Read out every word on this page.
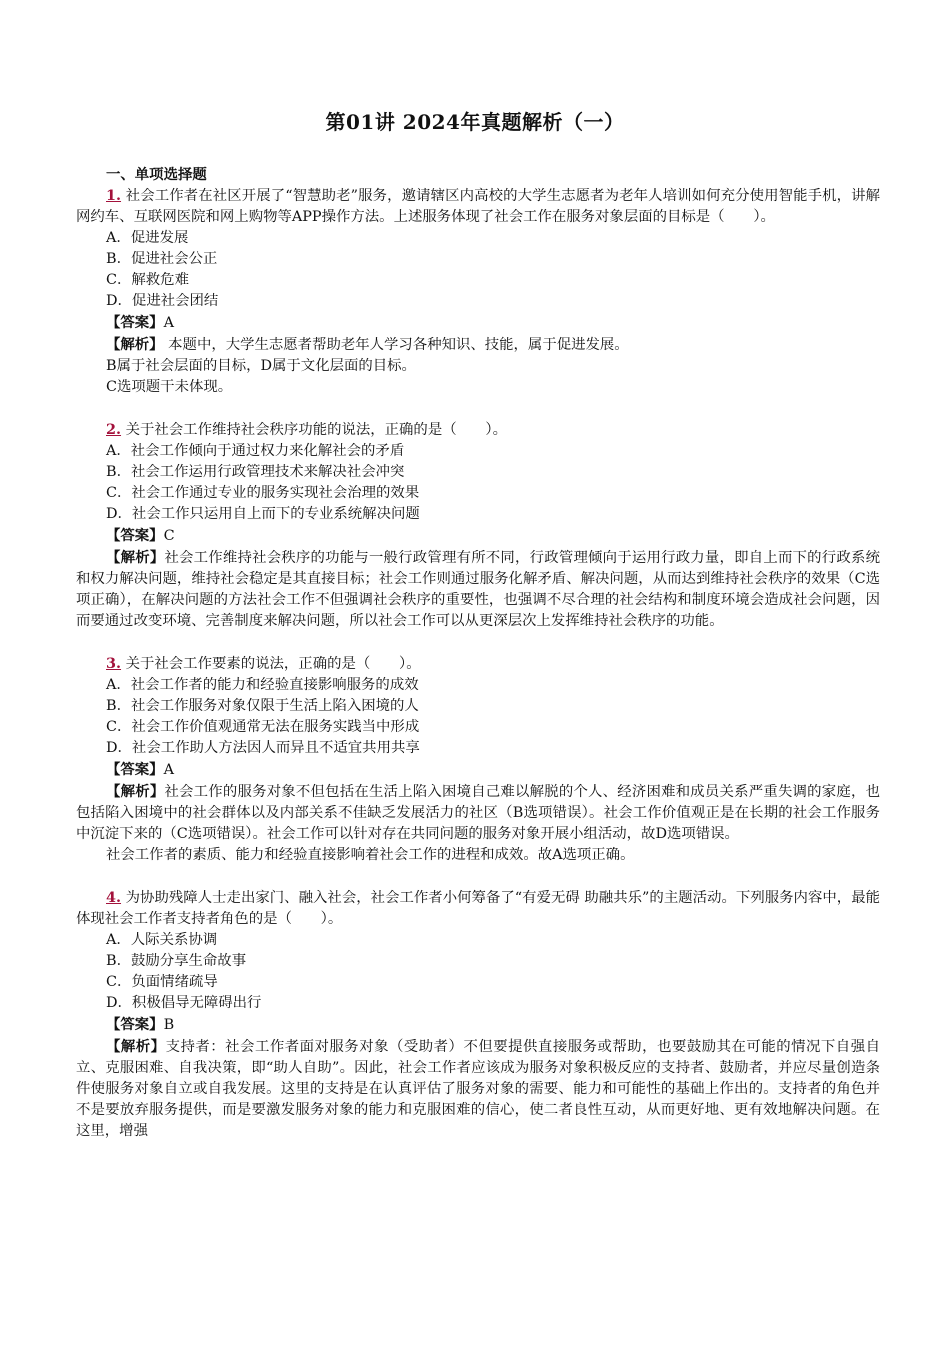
第01讲 2024年真题解析（一）

一、单项选择题

1. 社会工作者在社区开展了“智慧助老”服务，邀请辖区内高校的大学生志愿者为老年人培训如何充分使用智能手机，讲解网约车、互联网医院和网上购物等APP操作方法。上述服务体现了社会工作在服务对象层面的目标是（　　）。

A．促进发展

B．促进社会公正

C．解救危难

D．促进社会团结

【答案】A

【解析】 本题中，大学生志愿者帮助老年人学习各种知识、技能，属于促进发展。

B属于社会层面的目标，D属于文化层面的目标。

C选项题干未体现。

2. 关于社会工作维持社会秩序功能的说法，正确的是（　　）。

A．社会工作倾向于通过权力来化解社会的矛盾

B．社会工作运用行政管理技术来解决社会冲突

C．社会工作通过专业的服务实现社会治理的效果

D．社会工作只运用自上而下的专业系统解决问题

【答案】C

【解析】社会工作维持社会秩序的功能与一般行政管理有所不同，行政管理倾向于运用行政力量，即自上而下的行政系统和权力解决问题，维持社会稳定是其直接目标；社会工作则通过服务化解矛盾、解决问题，从而达到维持社会秩序的效果（C选项正确），在解决问题的方法社会工作不但强调社会秩序的重要性，也强调不尽合理的社会结构和制度环境会造成社会问题，因而要通过改变环境、完善制度来解决问题，所以社会工作可以从更深层次上发挥维持社会秩序的功能。

3. 关于社会工作要素的说法，正确的是（　　）。

A．社会工作者的能力和经验直接影响服务的成效

B．社会工作服务对象仅限于生活上陷入困境的人

C．社会工作价值观通常无法在服务实践当中形成

D．社会工作助人方法因人而异且不适宜共用共享

【答案】A

【解析】社会工作的服务对象不但包括在生活上陷入困境自己难以解脱的个人、经济困难和成员关系严重失调的家庭，也包括陷入困境中的社会群体以及内部关系不佳缺乏发展活力的社区（B选项错误）。社会工作价值观正是在长期的社会工作服务中沉淀下来的（C选项错误）。社会工作可以针对存在共同问题的服务对象开展小组活动，故D选项错误。

社会工作者的素质、能力和经验直接影响着社会工作的进程和成效。故A选项正确。

4. 为协助残障人士走出家门、融入社会，社会工作者小何筹备了“有爱无碍 助融共乐”的主题活动。下列服务内容中，最能体现社会工作者支持者角色的是（　　）。

A．人际关系协调

B．鼓励分享生命故事

C．负面情绪疏导

D．积极倡导无障碍出行

【答案】B

【解析】支持者：社会工作者面对服务对象（受助者）不但要提供直接服务或帮助，也要鼓励其在可能的情况下自强自立、克服困难、自我决策，即“助人自助”。因此，社会工作者应该成为服务对象积极反应的支持者、鼓励者，并应尽量创造条件使服务对象自立或自我发展。这里的支持是在认真评估了服务对象的需要、能力和可能性的基础上作出的。支持者的角色并不是要放弃服务提供，而是要激发服务对象的能力和克服困难的信心，使二者良性互动，从而更好地、更有效地解决问题。在这里，增强
